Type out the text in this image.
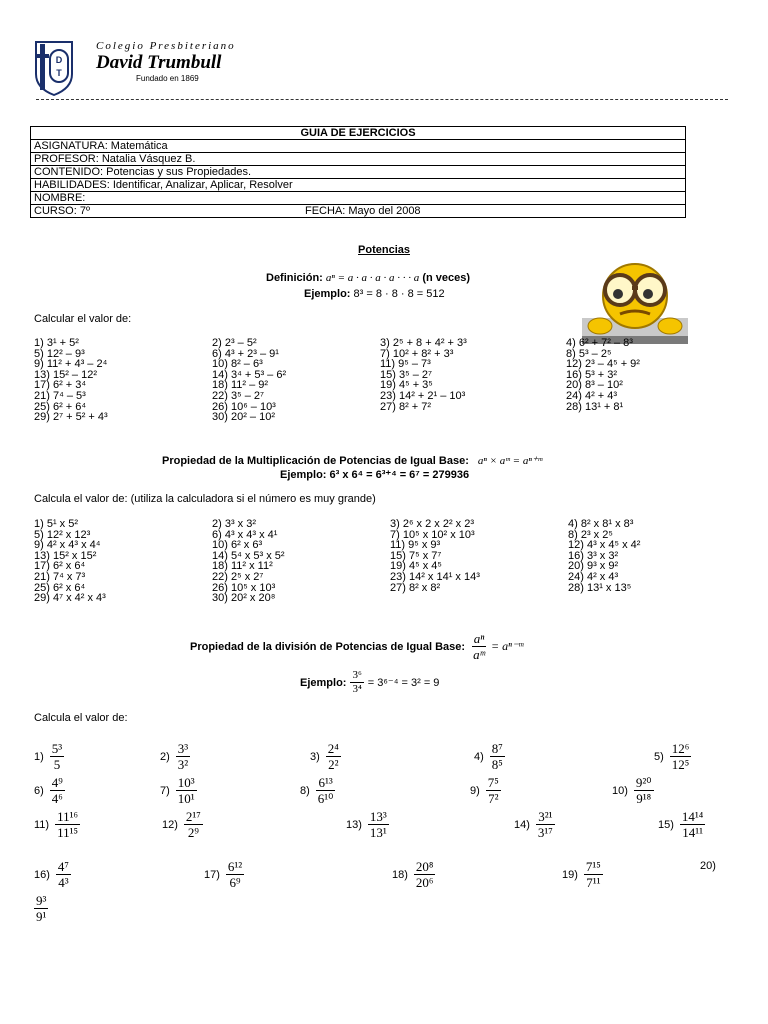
D
T
Colegio Presbiteriano
David Trumbull
Fundado en 1869
GUIA DE EJERCICIOS
ASIGNATURA: Matemática
PROFESOR: Natalia Vásquez B.
CONTENIDO: Potencias y sus Propiedades.
HABILIDADES: Identificar, Analizar, Aplicar, Resolver
NOMBRE:
CURSO: 7º	FECHA: Mayo del 2008
Potencias
Definición: aⁿ = a · a · a · a · · · a (n veces)
Ejemplo: 8³ = 8 · 8 · 8 = 512
Calcular el valor de:
1) 3¹ + 5²	2) 2³ – 5²	3) 2⁵ + 8 + 4² + 3³	4) 6² + 7² – 8³
5) 12² – 9³	6) 4³ + 2³ – 9¹	7) 10² + 8² + 3³	8) 5³ – 2⁵
9) 11² + 4³ – 2⁴	10) 8² – 6³	11) 9⁵ – 7³	12) 2³ – 4⁵ + 9²
13) 15² – 12²	14) 3⁴ + 5³ – 6²	15) 3⁵ – 2⁷	16) 5³ + 3²
17) 6² + 3⁴	18) 11² – 9²	19) 4⁵ + 3⁵	20) 8³ – 10²
21) 7⁴ – 5³	22) 3⁵ – 2⁷	23) 14² + 2¹ – 10³	24) 4² + 4³
25) 6² + 6⁴	26) 10⁶ – 10³	27) 8² + 7²	28) 13¹ + 8¹
29) 2⁷ + 5² + 4³	30) 20² – 10²
Propiedad de la Multiplicación de Potencias de Igual Base: aⁿ × aᵐ = aⁿ⁺ᵐ
Ejemplo: 6³ x 6⁴ = 6³⁺⁴ = 6⁷ = 279936
Calcula el valor de: (utiliza la calculadora si el número es muy grande)
1) 5¹ x 5²	2) 3³ x 3²	3) 2⁶ x 2 x 2² x 2³	4) 8² x 8¹ x 8³
5) 12² x 12³	6) 4³ x 4³ x 4¹	7) 10⁵ x 10² x 10³	8) 2³ x 2⁵
9) 4² x 4³ x 4⁴	10) 6² x 6³	11) 9⁵ x 9³	12) 4³ x 4⁵ x 4²
13) 15² x 15²	14) 5⁴ x 5³ x 5²	15) 7⁵ x 7⁷	16) 3³ x 3²
17) 6² x 6⁴	18) 11² x 11²	19) 4⁵ x 4⁵	20) 9³ x 9²
21) 7⁴ x 7³	22) 2⁵ x 2⁷	23) 14² x 14¹ x 14³	24) 4² x 4³
25) 6² x 6⁴	26) 10⁵ x 10³	27) 8² x 8²	28) 13¹ x 13⁵
29) 4⁷ x 4² x 4³	30) 20² x 20⁸
Propiedad de la división de Potencias de Igual Base: $\frac{\text{aⁿ}}{\text{aᵐ}}$ = aⁿ⁻ᵐ
Ejemplo: $\frac{\text{3⁶}}{\text{3⁴}} = 3^{6-4} = 3^2 = 9$
Calcula el valor de:
$1) \frac{\text{5³}}{5}$	$2) \frac{\text{3³}}{\text{3²}}$	$3) \frac{\text{2⁴}}{\text{2²}}$	$4) \frac{\text{8⁷}}{\text{8⁵}}$	$5) \frac{\text{12⁶}}{\text{12⁵}}$
$6) \frac{\text{4⁹}}{\text{4⁶}}$	$7) \frac{\text{10³}}{\text{10¹}}$	$8) \frac{\text{6¹³}}{\text{6¹⁰}}$	$9) \frac{\text{7⁵}}{\text{7²}}$	$10) \frac{\text{9²⁰}}{\text{9¹⁸}}$
$11) \frac{\text{11¹⁶}}{\text{11¹⁵}}$	$12) \frac{\text{2¹⁷}}{\text{2⁹}}$	$13) \frac{\text{13³}}{\text{13¹}}$	$14) \frac{\text{3²¹}}{\text{3¹⁷}}$	$15) \frac{\text{14¹⁴}}{\text{14¹¹}}$
$16) \frac{\text{4⁷}}{\text{4³}}$	$17) \frac{\text{6¹²}}{\text{6⁹}}$	$18) \frac{\text{20⁸}}{\text{20⁶}}$	$19) \frac{\text{7¹⁵}}{\text{7¹¹}}$	20)
$\frac{\text{9³}}{\text{9¹}}$
